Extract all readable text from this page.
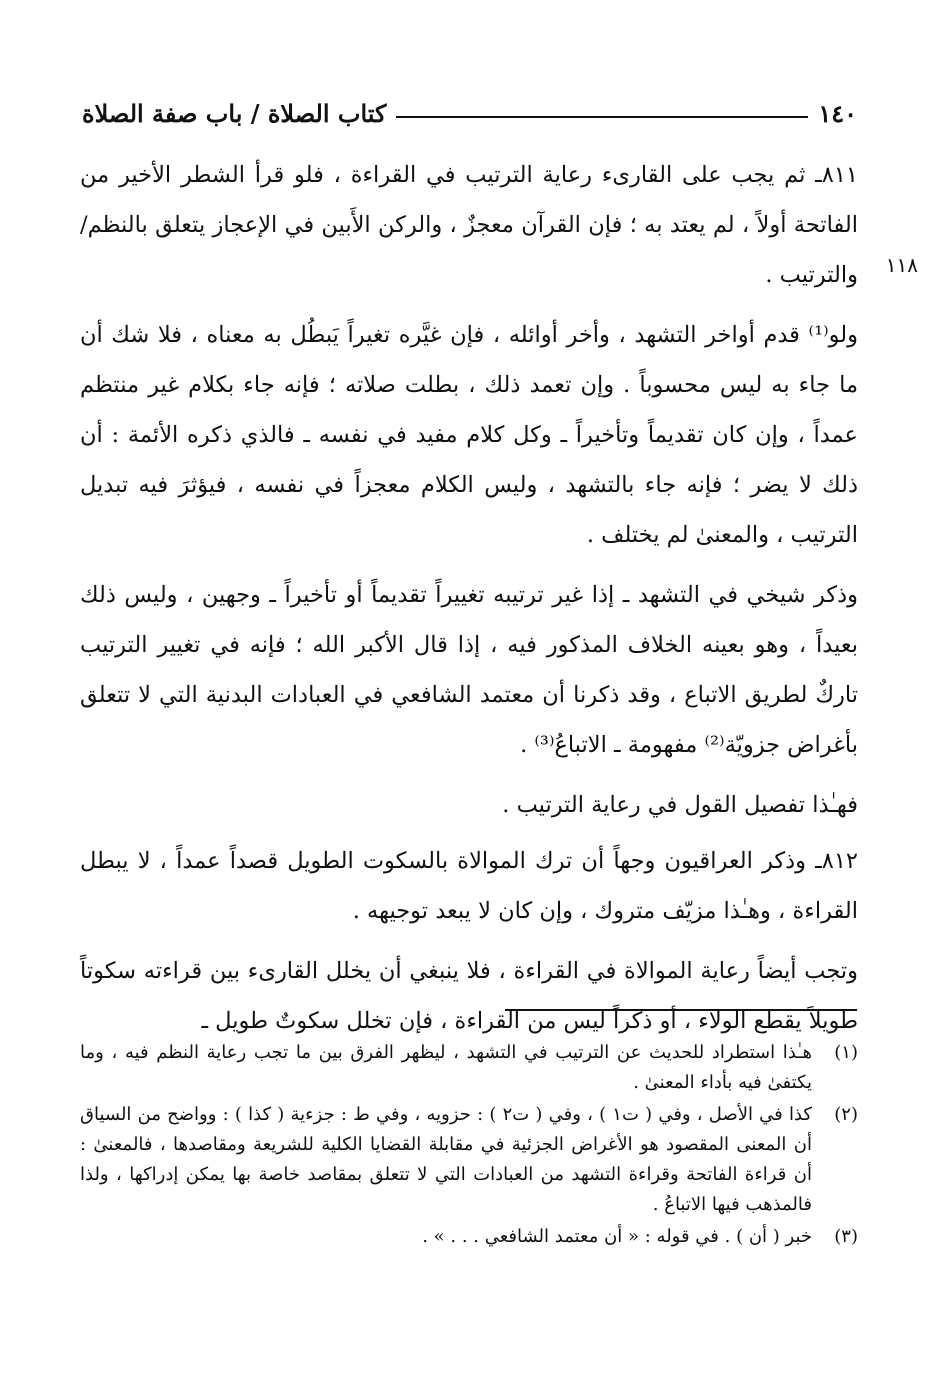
١٤٠
كتاب الصلاة / باب صفة الصلاة
١١٨

٨١١ـ ثم يجب على القارىء رعاية الترتيب في القراءة ، فلو قرأ الشطر الأخير من الفاتحة أولاً ، لم يعتد به ؛ فإن القرآن معجزٌ ، والركن الأَبين في الإعجاز يتعلق بالنظم/ والترتيب .

ولو⁽¹⁾ قدم أواخر التشهد ، وأخر أوائله ، فإن غيَّره تغيراً يَبطُل به معناه ، فلا شك أن ما جاء به ليس محسوباً . وإن تعمد ذلك ، بطلت صلاته ؛ فإنه جاء بكلام غير منتظم عمداً ، وإن كان تقديماً وتأخيراً ـ وكل كلام مفيد في نفسه ـ فالذي ذكره الأئمة : أن ذلك لا يضر ؛ فإنه جاء بالتشهد ، وليس الكلام معجزاً في نفسه ، فيؤثرَ فيه تبديل الترتيب ، والمعنىٰ لم يختلف .

وذكر شيخي في التشهد ـ إذا غير ترتيبه تغييراً تقديماً أو تأخيراً ـ وجهين ، وليس ذلك بعيداً ، وهو بعينه الخلاف المذكور فيه ، إذا قال الأكبر الله ؛ فإنه في تغيير الترتيب تاركٌ لطريق الاتباع ، وقد ذكرنا أن معتمد الشافعي في العبادات البدنية التي لا تتعلق بأغراض جزويّة⁽²⁾ مفهومة ـ الاتباعُ⁽³⁾ .

فهـٰذا تفصيل القول في رعاية الترتيب .

٨١٢ـ وذكر العراقيون وجهاً أن ترك الموالاة بالسكوت الطويل قصداً عمداً ، لا يبطل القراءة ، وهـٰذا مزيّف متروك ، وإن كان لا يبعد توجيهه .

وتجب أيضاً رعاية الموالاة في القراءة ، فلا ينبغي أن يخلل القارىء بين قراءته سكوتاً طويلاً يقطع الولاء ، أو ذكراً ليس من القراءة ، فإن تخلل سكوتٌ طويل ـ

(١)
هـٰذا استطراد للحديث عن الترتيب في التشهد ، ليظهر الفرق بين ما تجب رعاية النظم فيه ، وما يكتفىٰ فيه بأداء المعنىٰ .
(٢)
كذا في الأصل ، وفي ( ت١ ) ، وفي ( ت٢ ) : حزويه ، وفي ط : جزءية ( كذا ) : وواضح من السياق أن المعنى المقصود هو الأغراض الجزئية في مقابلة القضايا الكلية للشريعة ومقاصدها ، فالمعنىٰ : أن قراءة الفاتحة وقراءة التشهد من العبادات التي لا تتعلق بمقاصد خاصة بها يمكن إدراكها ، ولذا فالمذهب فيها الاتباعُ .
(٣)
خبر ( أن ) . في قوله : « أن معتمد الشافعي . . . » .
